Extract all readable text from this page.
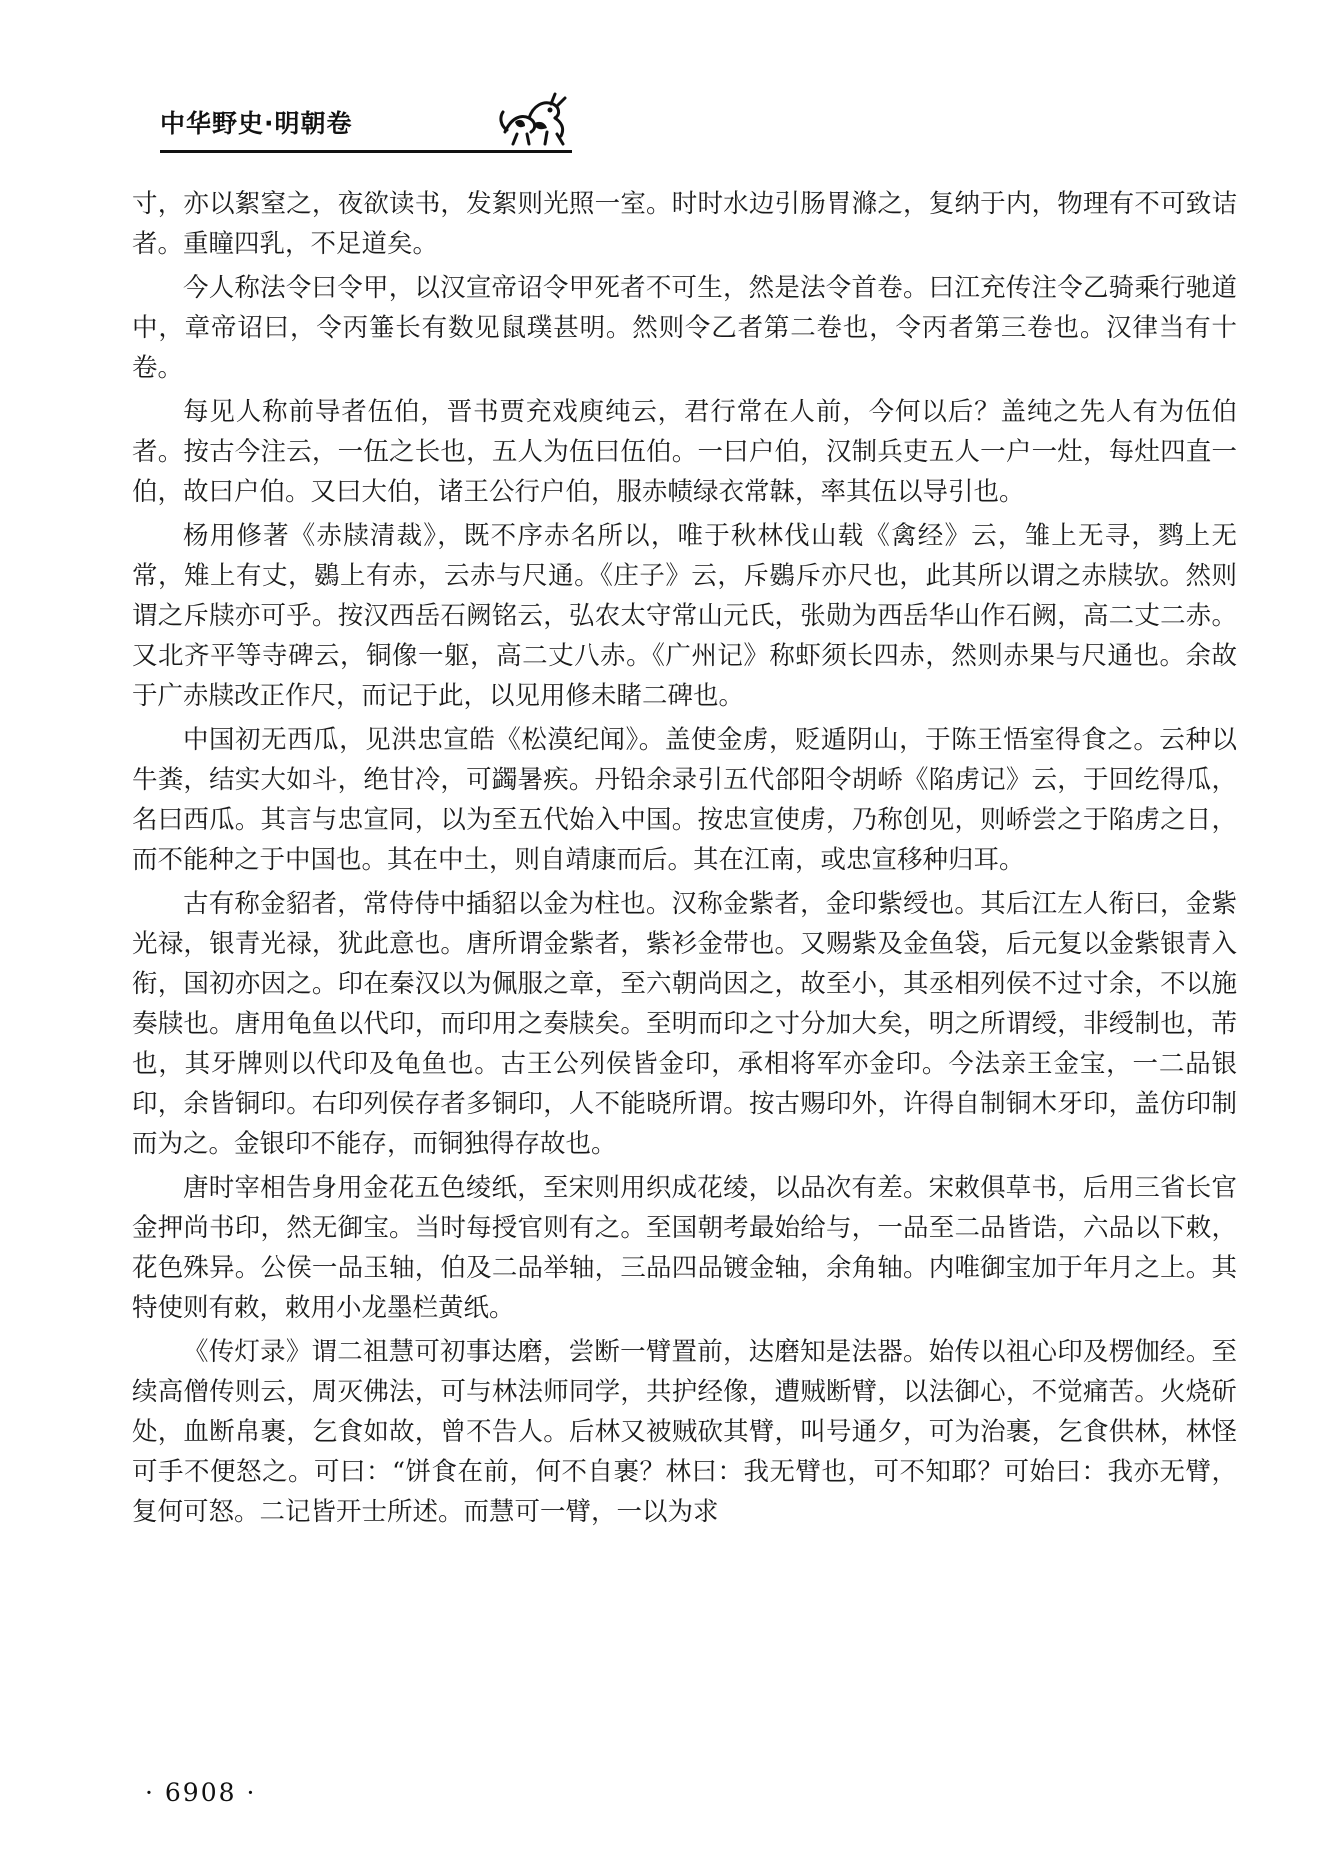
中华野史·明朝卷

寸，亦以絮窒之，夜欲读书，发絮则光照一室。时时水边引肠胃滌之，复纳于内，物理有不可致诘者。重瞳四乳，不足道矣。

今人称法令曰令甲，以汉宣帝诏令甲死者不可生，然是法令首卷。曰江充传注令乙骑乘行驰道中，章帝诏曰，令丙箠长有数见鼠璞甚明。然则令乙者第二卷也，令丙者第三卷也。汉律当有十卷。

每见人称前导者伍伯，晋书贾充戏庾纯云，君行常在人前，今何以后？盖纯之先人有为伍伯者。按古今注云，一伍之长也，五人为伍曰伍伯。一曰户伯，汉制兵吏五人一户一灶，每灶四直一伯，故曰户伯。又曰大伯，诸王公行户伯，服赤帻绿衣常韎，率其伍以导引也。

杨用修著《赤牍清裁》，既不序赤名所以，唯于秋林伐山载《禽经》云，雏上无寻，鹨上无常，雉上有丈，鷃上有赤，云赤与尺通。《庄子》云，斥鷃斥亦尺也，此其所以谓之赤牍欤。然则谓之斥牍亦可乎。按汉西岳石阙铭云，弘农太守常山元氏，张勋为西岳华山作石阙，高二丈二赤。又北齐平等寺碑云，铜像一躯，高二丈八赤。《广州记》称虾须长四赤，然则赤果与尺通也。余故于广赤牍改正作尺，而记于此，以见用修未睹二碑也。

中国初无西瓜，见洪忠宣皓《松漠纪闻》。盖使金虏，贬遁阴山，于陈王悟室得食之。云种以牛粪，结实大如斗，绝甘冷，可蠲暑疾。丹铅余录引五代郃阳令胡峤《陷虏记》云，于回纥得瓜，名曰西瓜。其言与忠宣同，以为至五代始入中国。按忠宣使虏，乃称创见，则峤尝之于陷虏之日，而不能种之于中国也。其在中土，则自靖康而后。其在江南，或忠宣移种归耳。

古有称金貂者，常侍侍中插貂以金为柱也。汉称金紫者，金印紫绶也。其后江左人衔曰，金紫光禄，银青光禄，犹此意也。唐所谓金紫者，紫衫金带也。又赐紫及金鱼袋，后元复以金紫银青入衔，国初亦因之。印在秦汉以为佩服之章，至六朝尚因之，故至小，其丞相列侯不过寸余，不以施奏牍也。唐用龟鱼以代印，而印用之奏牍矣。至明而印之寸分加大矣，明之所谓绶，非绶制也，芾也，其牙牌则以代印及龟鱼也。古王公列侯皆金印，承相将军亦金印。今法亲王金宝，一二品银印，余皆铜印。右印列侯存者多铜印，人不能晓所谓。按古赐印外，许得自制铜木牙印，盖仿印制而为之。金银印不能存，而铜独得存故也。

唐时宰相告身用金花五色绫纸，至宋则用织成花绫，以品次有差。宋敕俱草书，后用三省长官金押尚书印，然无御宝。当时每授官则有之。至国朝考最始给与，一品至二品皆诰，六品以下敕，花色殊异。公侯一品玉轴，伯及二品举轴，三品四品镀金轴，余角轴。内唯御宝加于年月之上。其特使则有敕，敕用小龙墨栏黄纸。

《传灯录》谓二祖慧可初事达磨，尝断一臂置前，达磨知是法器。始传以祖心印及楞伽经。至续高僧传则云，周灭佛法，可与林法师同学，共护经像，遭贼断臂，以法御心，不觉痛苦。火烧斫处，血断帛裹，乞食如故，曾不告人。后林又被贼砍其臂，叫号通夕，可为治裹，乞食供林，林怪可手不便怒之。可曰：“饼食在前，何不自裹？林曰：我无臂也，可不知耶？可始曰：我亦无臂，复何可怒。二记皆开士所述。而慧可一臂，一以为求

· 6908 ·
